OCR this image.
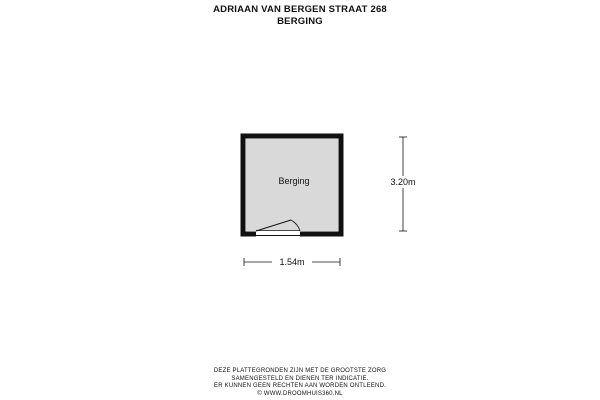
ADRIAAN VAN BERGEN STRAAT 268
BERGING
Berging	3.20m
1.54m
DEZE PLATTEGRONDEN ZIJN MET DE GROOTSTE ZORG
SAMENGESTELD EN DIENEN TER INDICATIE.
ER KUNNEN GEEN RECHTEN AAN WORDEN ONTLEEND.
© WWW.DROOMHUIS360.NL
